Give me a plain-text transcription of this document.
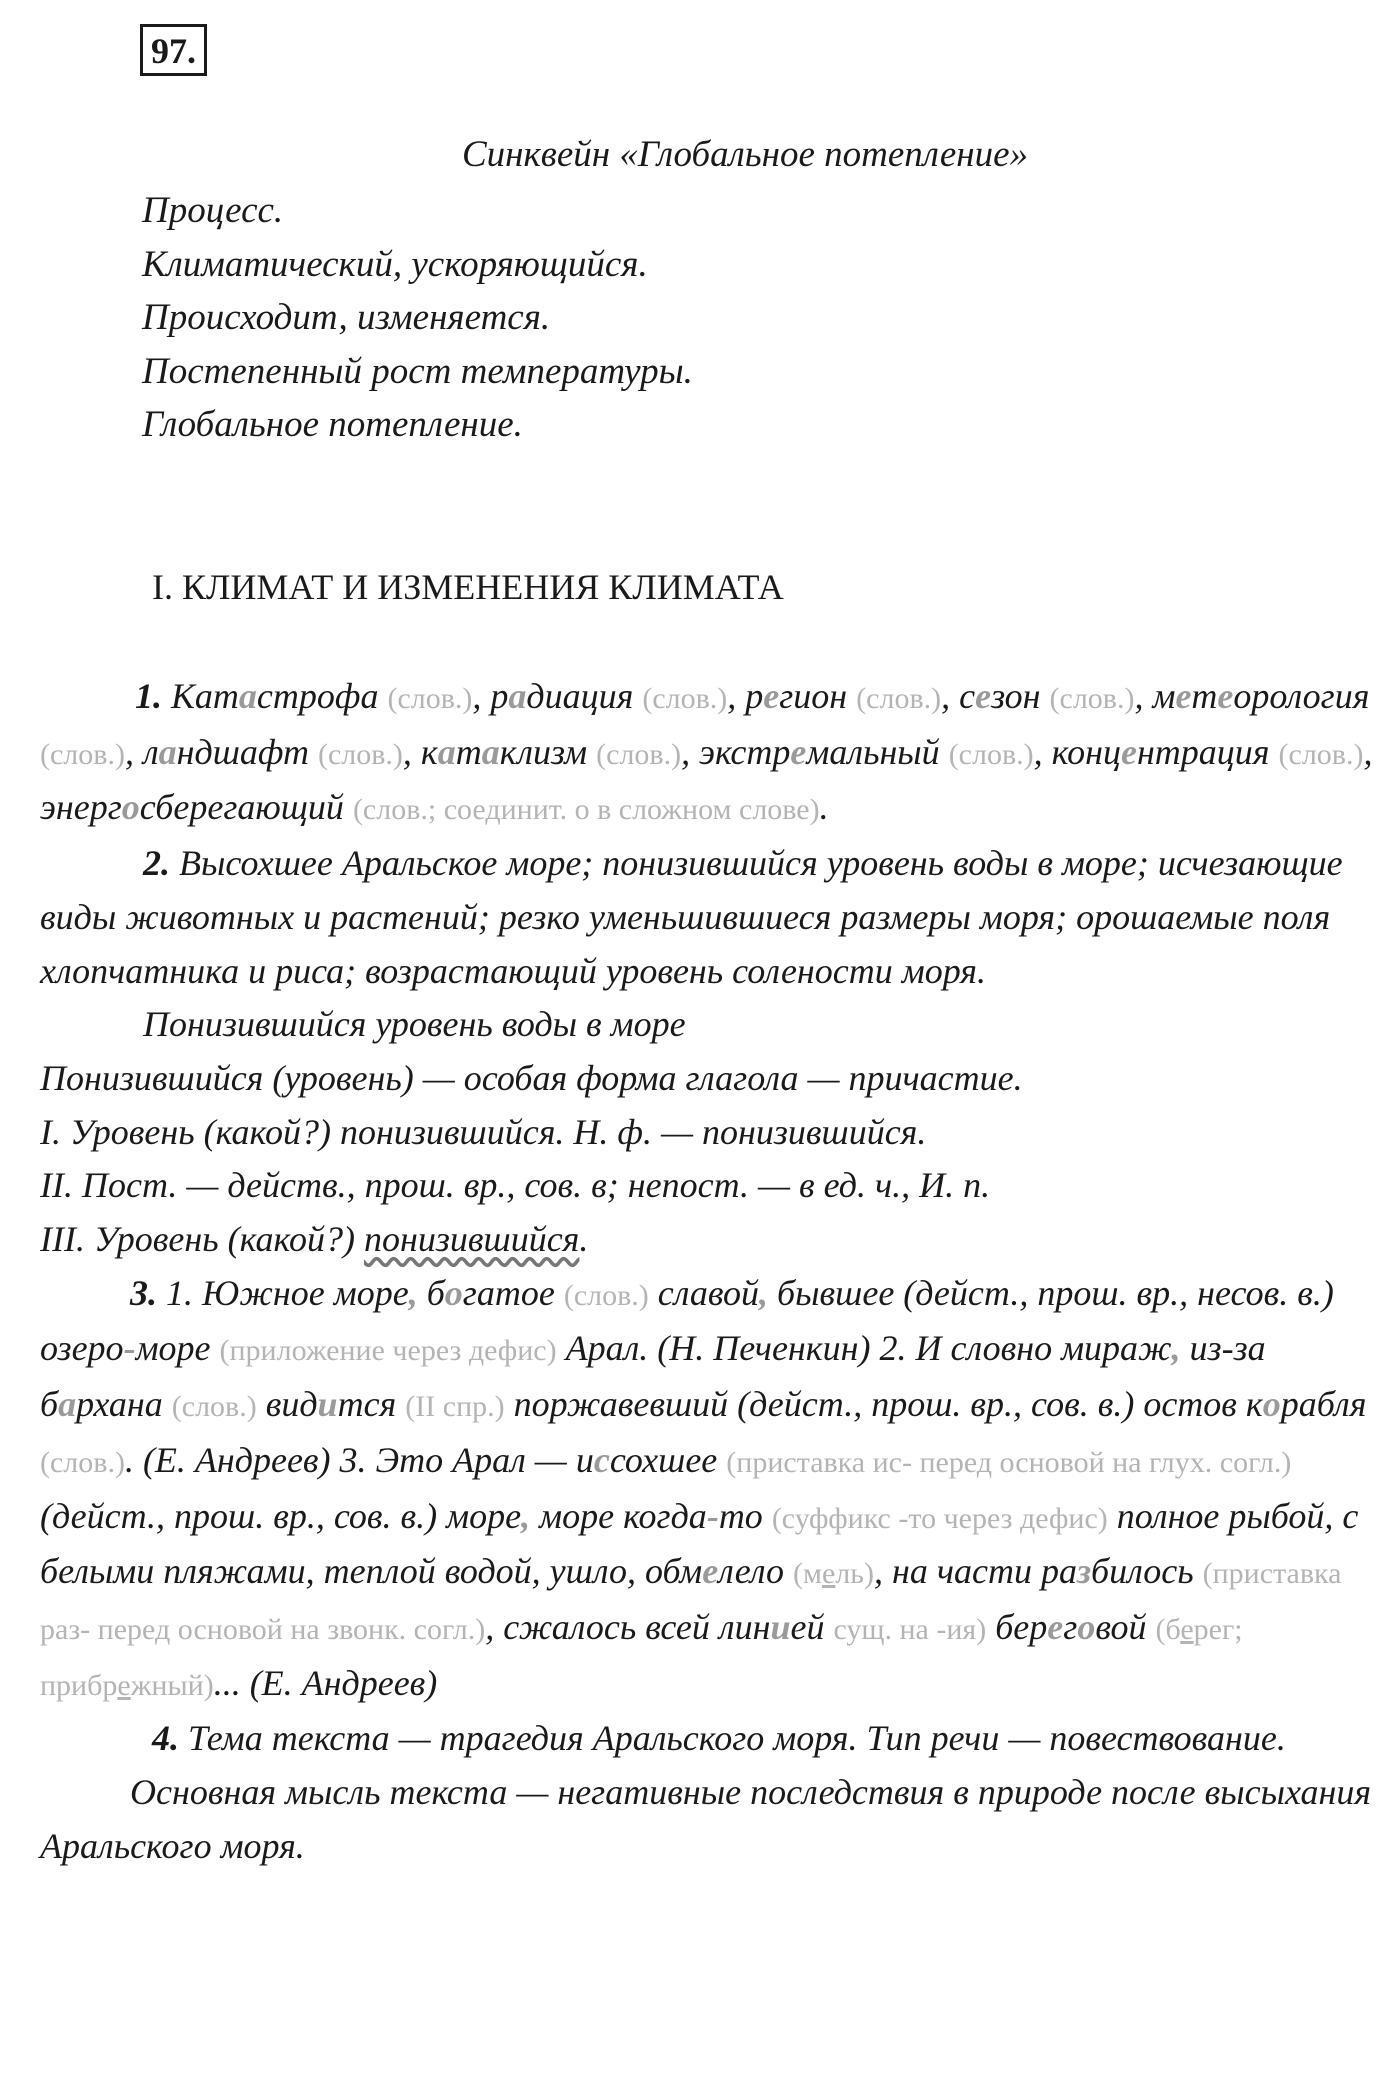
97.
Синквейн «Глобальное потепление»
Процесс.
Климатический, ускоряющийся.
Происходит, изменяется.
Постепенный рост температуры.
Глобальное потепление.
I. КЛИМАТ И ИЗМЕНЕНИЯ КЛИМАТА

1. Катастрофа (слов.), радиация (слов.), регион (слов.), сезон (слов.), метеорология (слов.), ландшафт (слов.), катаклизм (слов.), экстремальный (слов.), концентрация (слов.), энергосберегающий (слов.; соединит. о в сложном слове).

2. Высохшее Аральское море; понизившийся уровень воды в море; исчезающие виды животных и растений; резко уменьшившиеся размеры моря; орошаемые поля хлопчатника и риса; возрастающий уровень солености моря.

Понизившийся уровень воды в море

Понизившийся (уровень) — особая форма глагола — причастие.

I. Уровень (какой?) понизившийся. Н. ф. — понизившийся.

II. Пост. — действ., прош. вр., сов. в; непост. — в ед. ч., И. п.

III. Уровень (какой?) понизившийся.

3. 1. Южное море, богатое (слов.) славой, бывшее (дейст., прош. вр., несов. в.) озеро-море (приложение через дефис) Арал. (Н. Печенкин) 2. И словно мираж, из-за бархана (слов.) видится (II спр.) поржавевший (дейст., прош. вр., сов. в.) остов корабля (слов.). (Е. Андреев) 3. Это Арал — иссохшее (приставка ис- перед основой на глух. согл.) (дейст., прош. вр., сов. в.) море, море когда-то (суффикс -то через дефис) полное рыбой, с белыми пляжами, теплой водой, ушло, обмелело (мель), на части разбилось (приставка раз- перед основой на звонк. согл.), сжалось всей линией сущ. на -ия) береговой (берег; прибрежный)... (Е. Андреев)

4. Тема текста — трагедия Аральского моря. Тип речи — повествование.

Основная мысль текста — негативные последствия в природе после высыхания Аральского моря.
